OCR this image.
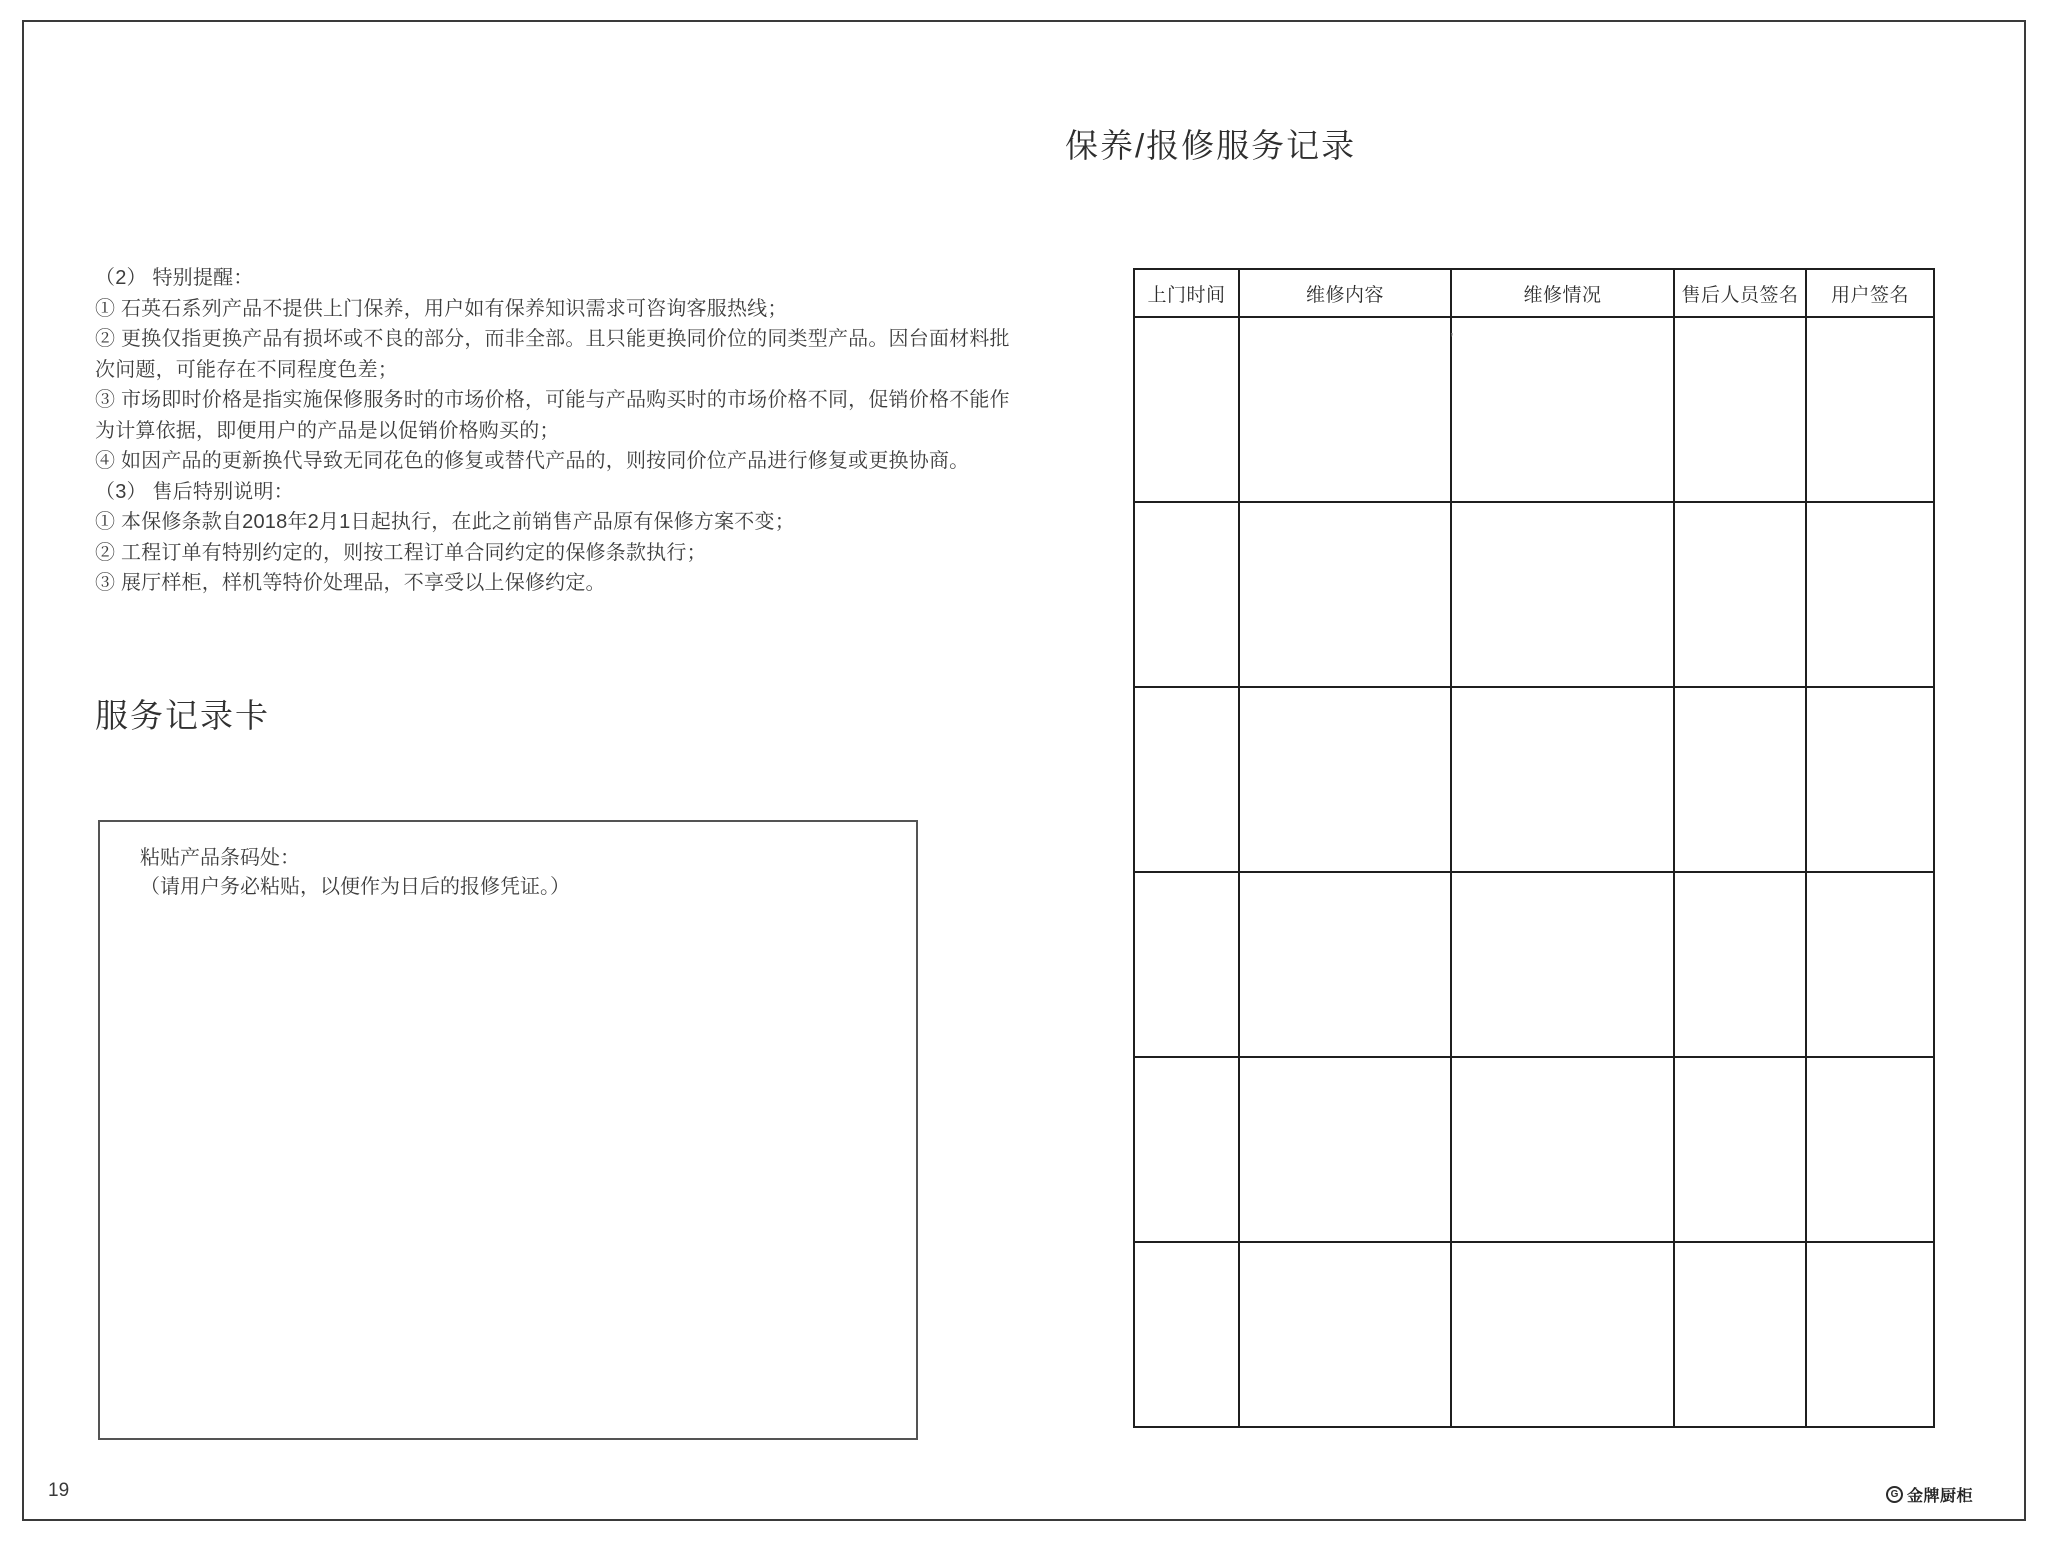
（2） 特别提醒：
① 石英石系列产品不提供上门保养，用户如有保养知识需求可咨询客服热线；
② 更换仅指更换产品有损坏或不良的部分，而非全部。且只能更换同价位的同类型产品。因台面材料批
次问题，可能存在不同程度色差；
③ 市场即时价格是指实施保修服务时的市场价格，可能与产品购买时的市场价格不同，促销价格不能作
为计算依据，即便用户的产品是以促销价格购买的；
④ 如因产品的更新换代导致无同花色的修复或替代产品的，则按同价位产品进行修复或更换协商。
（3） 售后特别说明：
① 本保修条款自2018年2月1日起执行，在此之前销售产品原有保修方案不变；
② 工程订单有特别约定的，则按工程订单合同约定的保修条款执行；
③ 展厅样柜，样机等特价处理品，不享受以上保修约定。
服务记录卡
粘贴产品条码处：
（请用户务必粘贴，以便作为日后的报修凭证。）
保养/报修服务记录
上门时间	维修内容	维修情况	售后人员签名	用户签名

’
19	G 金牌厨柜
